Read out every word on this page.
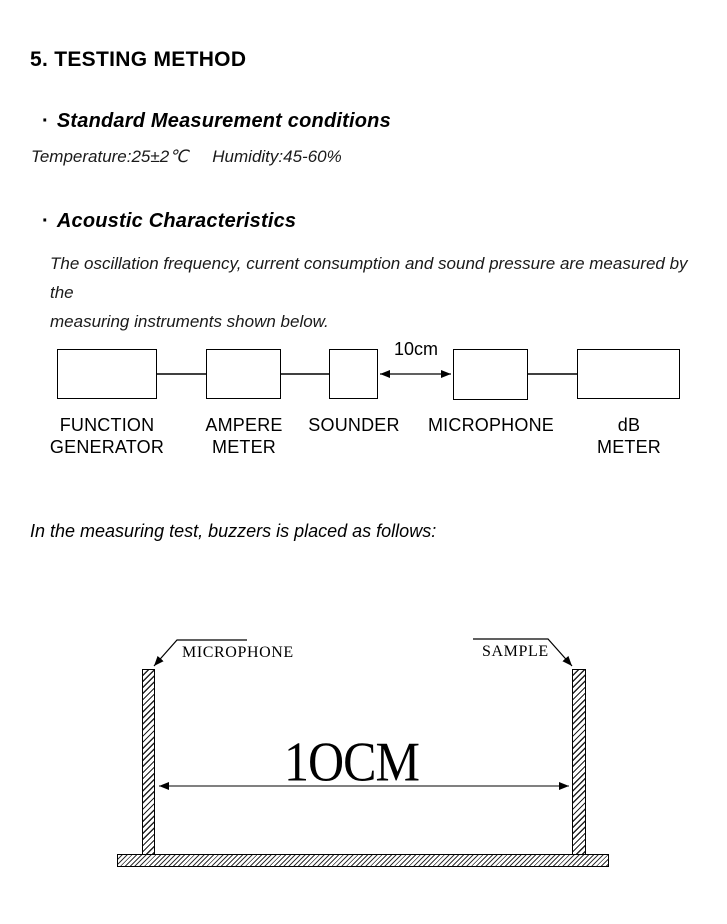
5. TESTING METHOD
· Standard Measurement conditions
Temperature:25±2℃ Humidity:45-60%
· Acoustic Characteristics
The oscillation frequency, current consumption and sound pressure are measured by the
measuring instruments shown below.
In the measuring test, buzzers is placed as follows:
10cm
FUNCTION
GENERATOR
AMPERE
METER
SOUNDER	MICROPHONE	dB
METER
MICROPHONE	SAMPLE
1OCM
